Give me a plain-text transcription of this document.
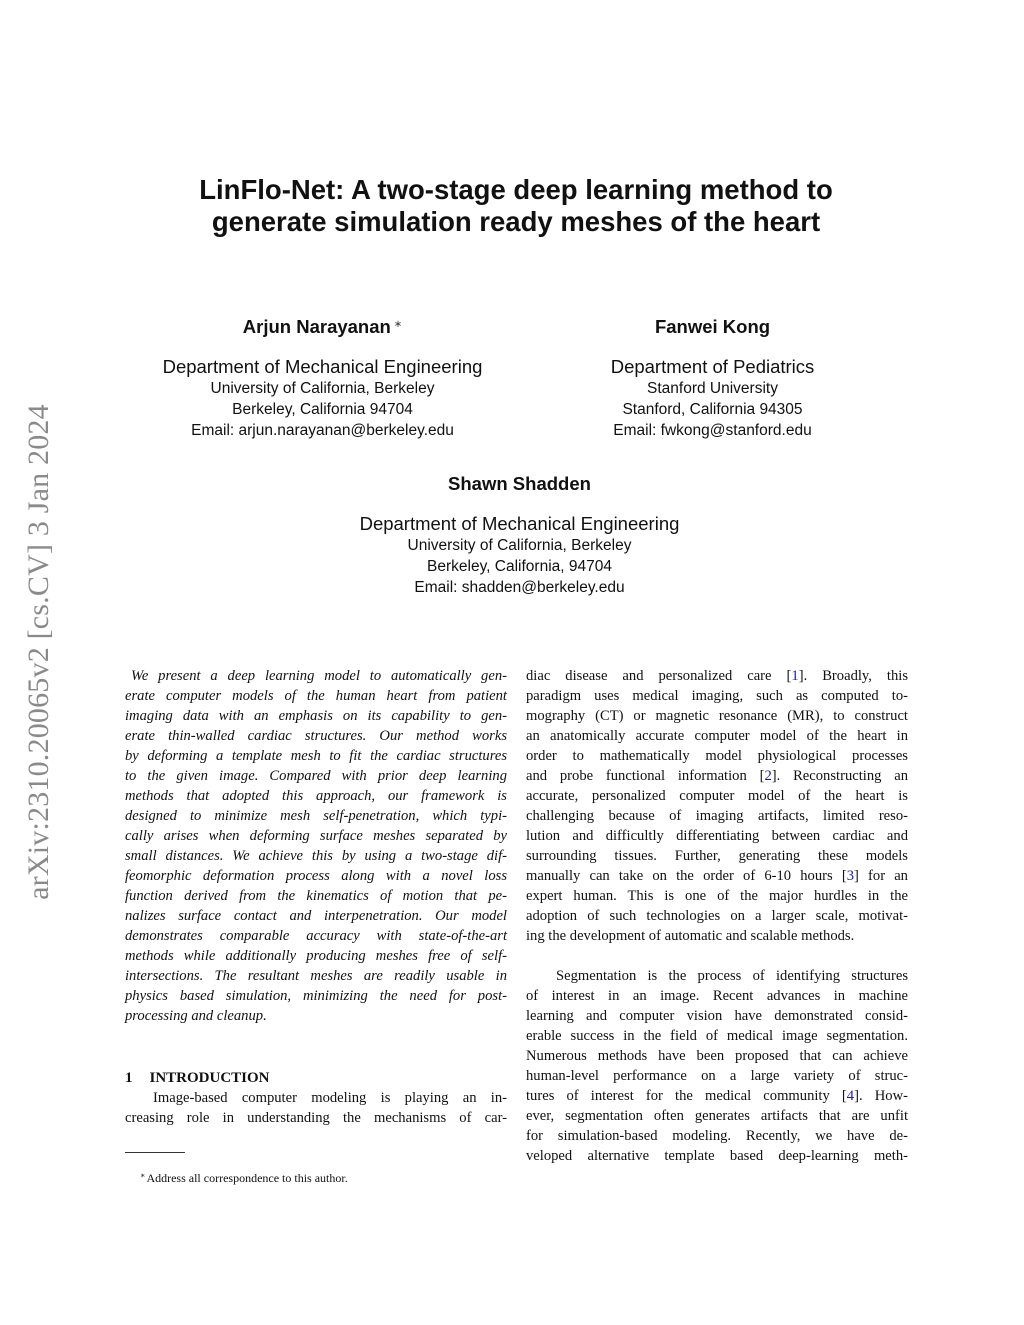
arXiv:2310.20065v2 [cs.CV] 3 Jan 2024
LinFlo-Net: A two-stage deep learning method to generate simulation ready meshes of the heart
Arjun Narayanan ∗
Department of Mechanical Engineering
University of California, Berkeley
Berkeley, California 94704
Email: arjun.narayanan@berkeley.edu
Fanwei Kong
Department of Pediatrics
Stanford University
Stanford, California 94305
Email: fwkong@stanford.edu
Shawn Shadden
Department of Mechanical Engineering
University of California, Berkeley
Berkeley, California, 94704
Email: shadden@berkeley.edu
We present a deep learning model to automatically gen-
erate computer models of the human heart from patient
imaging data with an emphasis on its capability to gen-
erate thin-walled cardiac structures. Our method works
by deforming a template mesh to fit the cardiac structures
to the given image. Compared with prior deep learning
methods that adopted this approach, our framework is
designed to minimize mesh self-penetration, which typi-
cally arises when deforming surface meshes separated by
small distances. We achieve this by using a two-stage dif-
feomorphic deformation process along with a novel loss
function derived from the kinematics of motion that pe-
nalizes surface contact and interpenetration. Our model
demonstrates comparable accuracy with state-of-the-art
methods while additionally producing meshes free of self-
intersections. The resultant meshes are readily usable in
physics based simulation, minimizing the need for post-
processing and cleanup.
1 INTRODUCTION
Image-based computer modeling is playing an in-
creasing role in understanding the mechanisms of car-
diac disease and personalized care [1]. Broadly, this
paradigm uses medical imaging, such as computed to-
mography (CT) or magnetic resonance (MR), to construct
an anatomically accurate computer model of the heart in
order to mathematically model physiological processes
and probe functional information [2]. Reconstructing an
accurate, personalized computer model of the heart is
challenging because of imaging artifacts, limited reso-
lution and difficultly differentiating between cardiac and
surrounding tissues. Further, generating these models
manually can take on the order of 6-10 hours [3] for an
expert human. This is one of the major hurdles in the
adoption of such technologies on a larger scale, motivat-
ing the development of automatic and scalable methods.
Segmentation is the process of identifying structures
of interest in an image. Recent advances in machine
learning and computer vision have demonstrated consid-
erable success in the field of medical image segmentation.
Numerous methods have been proposed that can achieve
human-level performance on a large variety of struc-
tures of interest for the medical community [4]. How-
ever, segmentation often generates artifacts that are unfit
for simulation-based modeling. Recently, we have de-
veloped alternative template based deep-learning meth-
∗Address all correspondence to this author.
